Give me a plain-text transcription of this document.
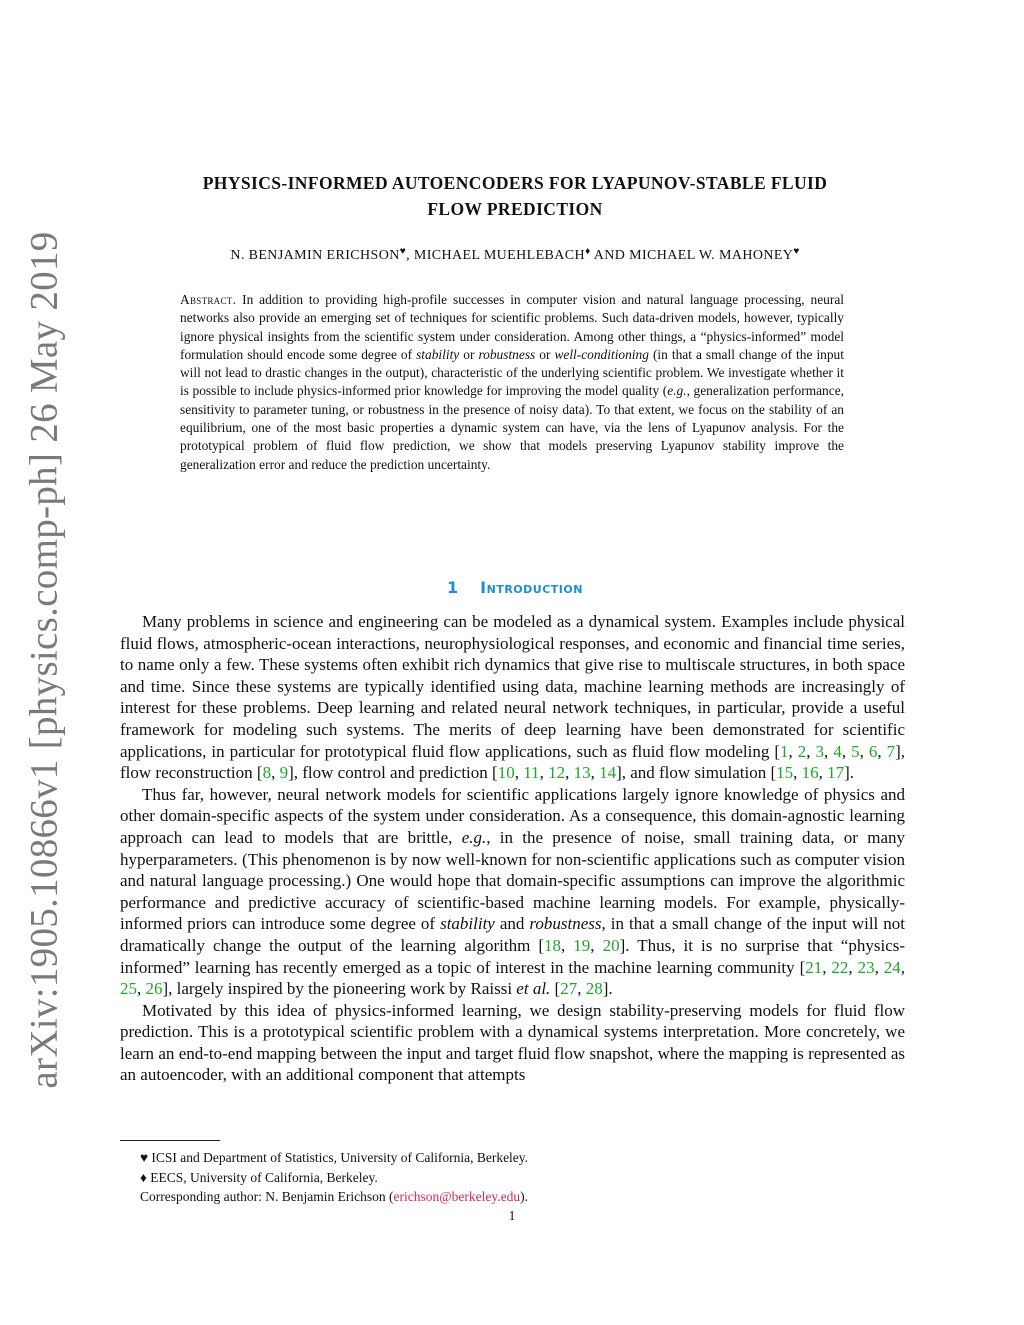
arXiv:1905.10866v1 [physics.comp-ph] 26 May 2019
PHYSICS-INFORMED AUTOENCODERS FOR LYAPUNOV-STABLE FLUID
FLOW PREDICTION
N. BENJAMIN ERICHSON♥, MICHAEL MUEHLEBACH♦ AND MICHAEL W. MAHONEY♥
Abstract. In addition to providing high-profile successes in computer vision and natural language processing, neural networks also provide an emerging set of techniques for scientific problems. Such data-driven models, however, typically ignore physical insights from the scientific system under consideration. Among other things, a “physics-informed” model formulation should encode some degree of stability or robustness or well-conditioning (in that a small change of the input will not lead to drastic changes in the output), characteristic of the underlying scientific problem. We investigate whether it is possible to include physics-informed prior knowledge for improving the model quality (e.g., generalization performance, sensitivity to parameter tuning, or robustness in the presence of noisy data). To that extent, we focus on the stability of an equilibrium, one of the most basic properties a dynamic system can have, via the lens of Lyapunov analysis. For the prototypical problem of fluid flow prediction, we show that models preserving Lyapunov stability improve the generalization error and reduce the prediction uncertainty.
1 Introduction

Many problems in science and engineering can be modeled as a dynamical system. Examples include physical fluid flows, atmospheric-ocean interactions, neurophysiological responses, and economic and financial time series, to name only a few. These systems often exhibit rich dynamics that give rise to multiscale structures, in both space and time. Since these systems are typically identified using data, machine learning methods are increasingly of interest for these problems. Deep learning and related neural network techniques, in particular, provide a useful framework for modeling such systems. The merits of deep learning have been demonstrated for scientific applications, in particular for prototypical fluid flow applications, such as fluid flow modeling [1, 2, 3, 4, 5, 6, 7], flow reconstruction [8, 9], flow control and prediction [10, 11, 12, 13, 14], and flow simulation [15, 16, 17].

Thus far, however, neural network models for scientific applications largely ignore knowledge of physics and other domain-specific aspects of the system under consideration. As a consequence, this domain-agnostic learning approach can lead to models that are brittle, e.g., in the presence of noise, small training data, or many hyperparameters. (This phenomenon is by now well-known for non-scientific applications such as computer vision and natural language processing.) One would hope that domain-specific assumptions can improve the algorithmic performance and predictive accuracy of scientific-based machine learning models. For example, physically-informed priors can introduce some degree of stability and robustness, in that a small change of the input will not dramatically change the output of the learning algorithm [18, 19, 20]. Thus, it is no surprise that “physics-informed” learning has recently emerged as a topic of interest in the machine learning community [21, 22, 23, 24, 25, 26], largely inspired by the pioneering work by Raissi et al. [27, 28].

Motivated by this idea of physics-informed learning, we design stability-preserving models for fluid flow prediction. This is a prototypical scientific problem with a dynamical systems interpretation. More concretely, we learn an end-to-end mapping between the input and target fluid flow snapshot, where the mapping is represented as an autoencoder, with an additional component that attempts

♥ ICSI and Department of Statistics, University of California, Berkeley.
♦ EECS, University of California, Berkeley.
Corresponding author: N. Benjamin Erichson (erichson@berkeley.edu).
1
